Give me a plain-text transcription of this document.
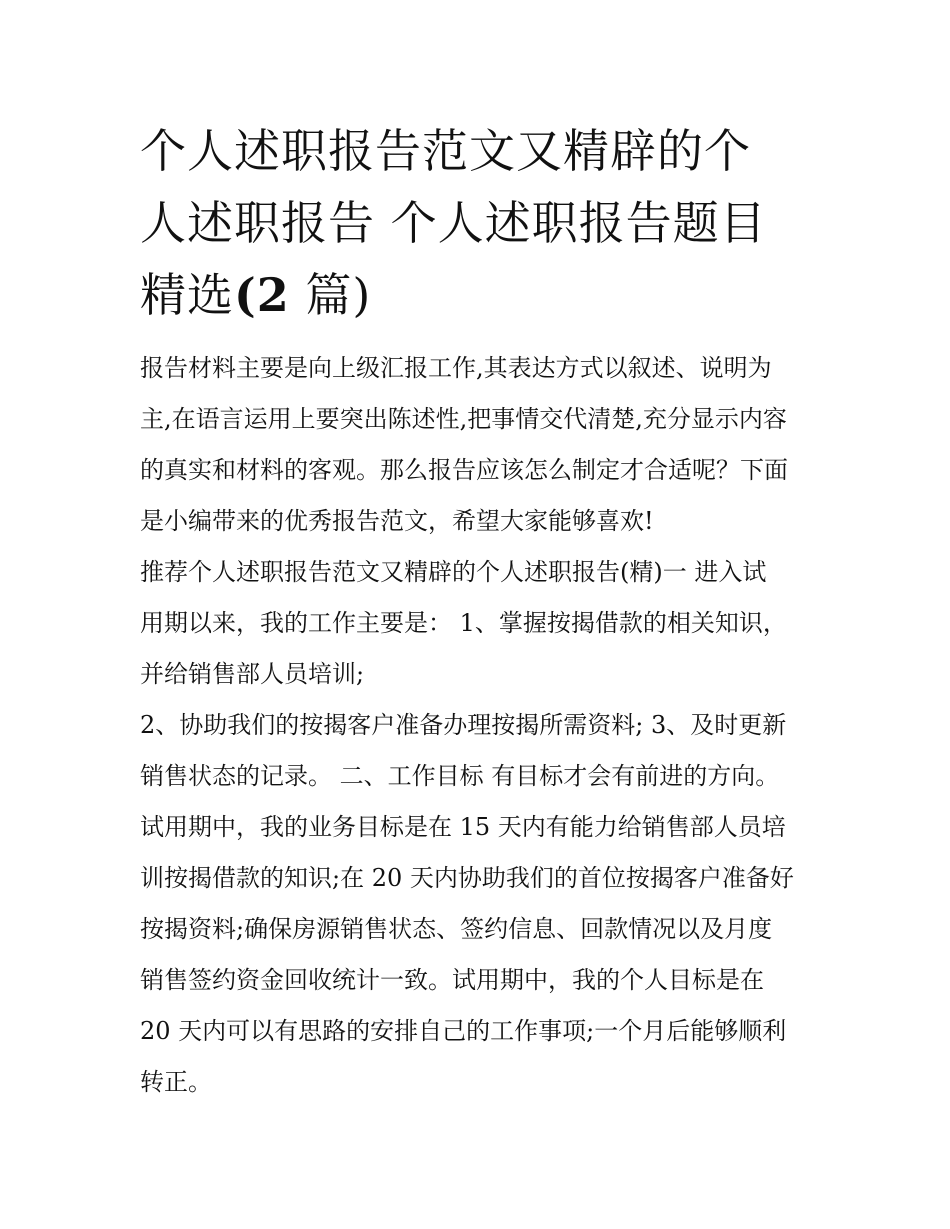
个人述职报告范文又精辟的个
人述职报告 个人述职报告题目
精选(2 篇)

报告材料主要是向上级汇报工作,其表达方式以叙述、说明为
主,在语言运用上要突出陈述性,把事情交代清楚,充分显示内容
的真实和材料的客观。那么报告应该怎么制定才合适呢？下面
是小编带来的优秀报告范文，希望大家能够喜欢!

推荐个人述职报告范文又精辟的个人述职报告(精)一 进入试
用期以来，我的工作主要是： 1、掌握按揭借款的相关知识，
并给销售部人员培训;

2、协助我们的按揭客户准备办理按揭所需资料; 3、及时更新
销售状态的记录。 二、工作目标 有目标才会有前进的方向。
试用期中，我的业务目标是在 15 天内有能力给销售部人员培
训按揭借款的知识;在 20 天内协助我们的首位按揭客户准备好
按揭资料;确保房源销售状态、签约信息、回款情况以及月度
销售签约资金回收统计一致。试用期中，我的个人目标是在
20 天内可以有思路的安排自己的工作事项;一个月后能够顺利
转正。
